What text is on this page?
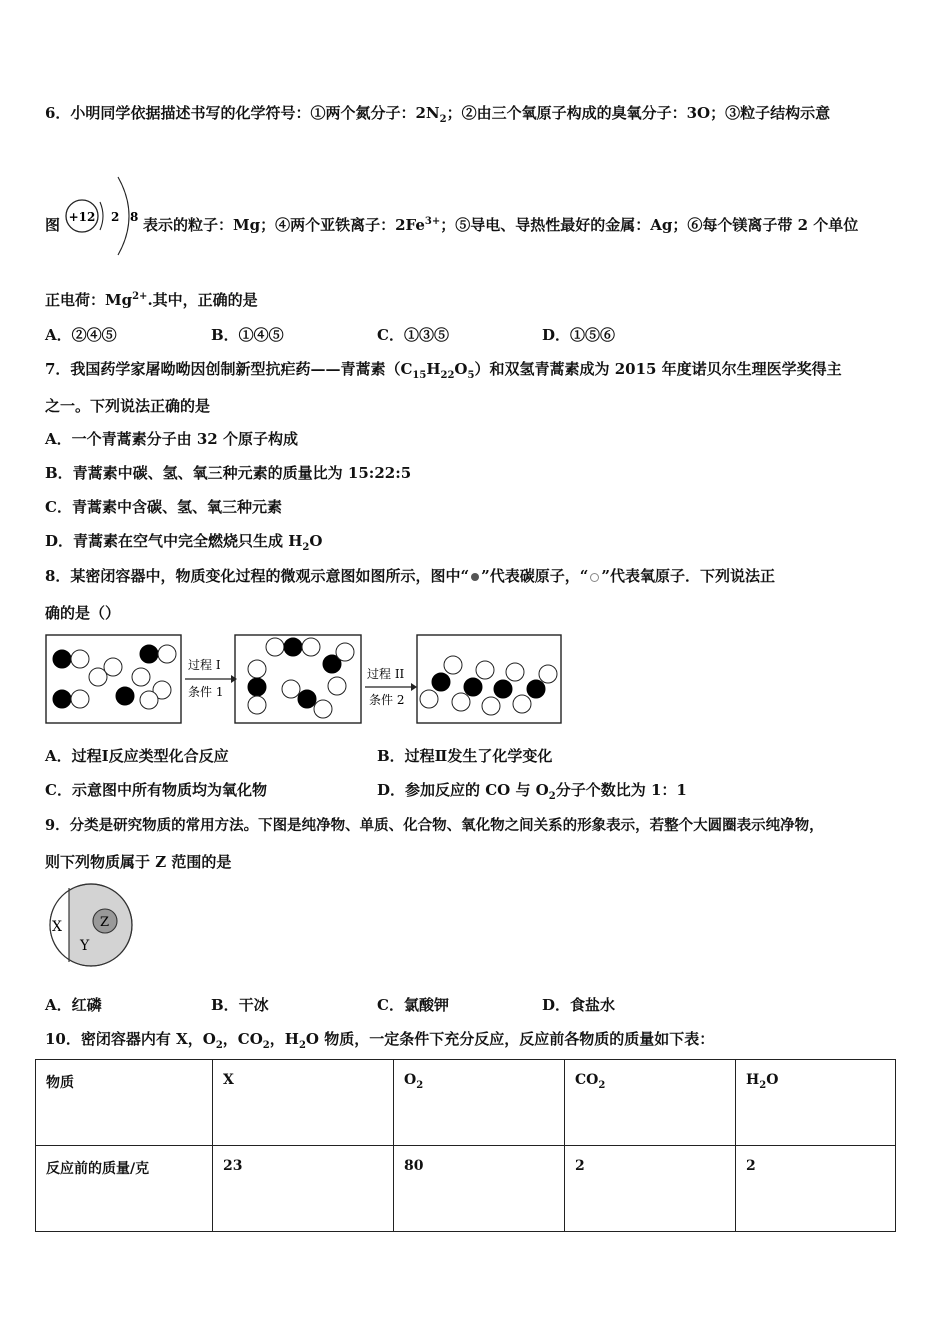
6．小明同学依据描述书写的化学符号：①两个氮分子：$2N_2$；②由三个氧原子构成的臭氧分子：3O；③粒子结构示意
图 +12 2 8 表示的粒子：Mg；④两个亚铁离子：$2Fe^{3+}$；⑤导电、导热性最好的金属：Ag；⑥每个镁离子带 2 个单位
正电荷：$Mg^{2+}$.其中，正确的是
A．②④⑤	B．①④⑤	C．①③⑤	D．①⑤⑥
7．我国药学家屠呦呦因创制新型抗疟药——青蒿素$(C_{15}H_{22}O_5)$和双氢青蒿素成为 2015 年度诺贝尔生理医学奖得主
之一。下列说法正确的是
A．一个青蒿素分子由 32 个原子构成
B．青蒿素中碳、氢、氧三种元素的质量比为 15:22:5
C．青蒿素中含碳、氢、氧三种元素
D．青蒿素在空气中完全燃烧只生成 $H_2O$
8．某密闭容器中，物质变化过程的微观示意图如图所示，图中“ ”代表碳原子，“ ”代表氧原子．下列说法正
确的是（）
过程 I
条件 1
过程 II
条件 2
A．过程Ⅰ反应类型化合反应	B．过程Ⅱ发生了化学变化
C．示意图中所有物质均为氧化物	D．参加反应的 CO 与 $O_2$分子个数比为 1：1
9．分类是研究物质的常用方法。下图是纯净物、单质、化合物、氧化物之间关系的形象表示，若整个大圆圈表示纯净物，
则下列物质属于 Z 范围的是
X
Y
Z
A．红磷	B．干冰	C．氯酸钾	D．食盐水
10．密闭容器内有 X，$O_2$，$CO_2$，$H_2O$ 物质，一定条件下充分反应，反应前各物质的质量如下表：
物质	X	$O_2$	$CO_2$	$H_2O$
反应前的质量/克	23	80	2	2
